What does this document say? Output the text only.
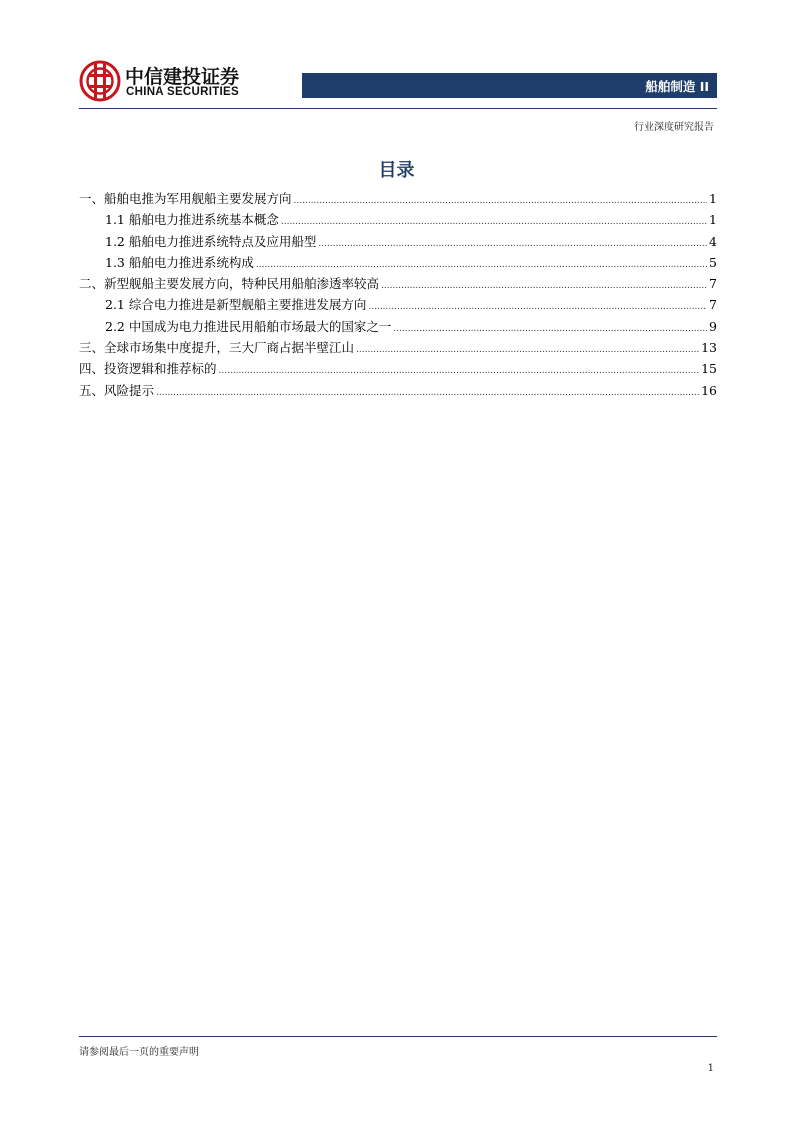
中信建投证券
CHINA SECURITIES	船舶制造 II
行业深度研究报告
目录
一、船舶电推为军用舰船主要发展方向 .....	1
1.1 船舶电力推进系统基本概念 .....	1
1.2 船舶电力推进系统特点及应用船型 .....	4
1.3 船舶电力推进系统构成 .....	5
二、新型舰船主要发展方向，特种民用船舶渗透率较高 .....	7
2.1 综合电力推进是新型舰船主要推进发展方向 .....	7
2.2 中国成为电力推进民用船舶市场最大的国家之一 .....	9
三、全球市场集中度提升，三大厂商占据半壁江山 .....	13
四、投资逻辑和推荐标的 .....	15
五、风险提示 .....	16
请参阅最后一页的重要声明
1
